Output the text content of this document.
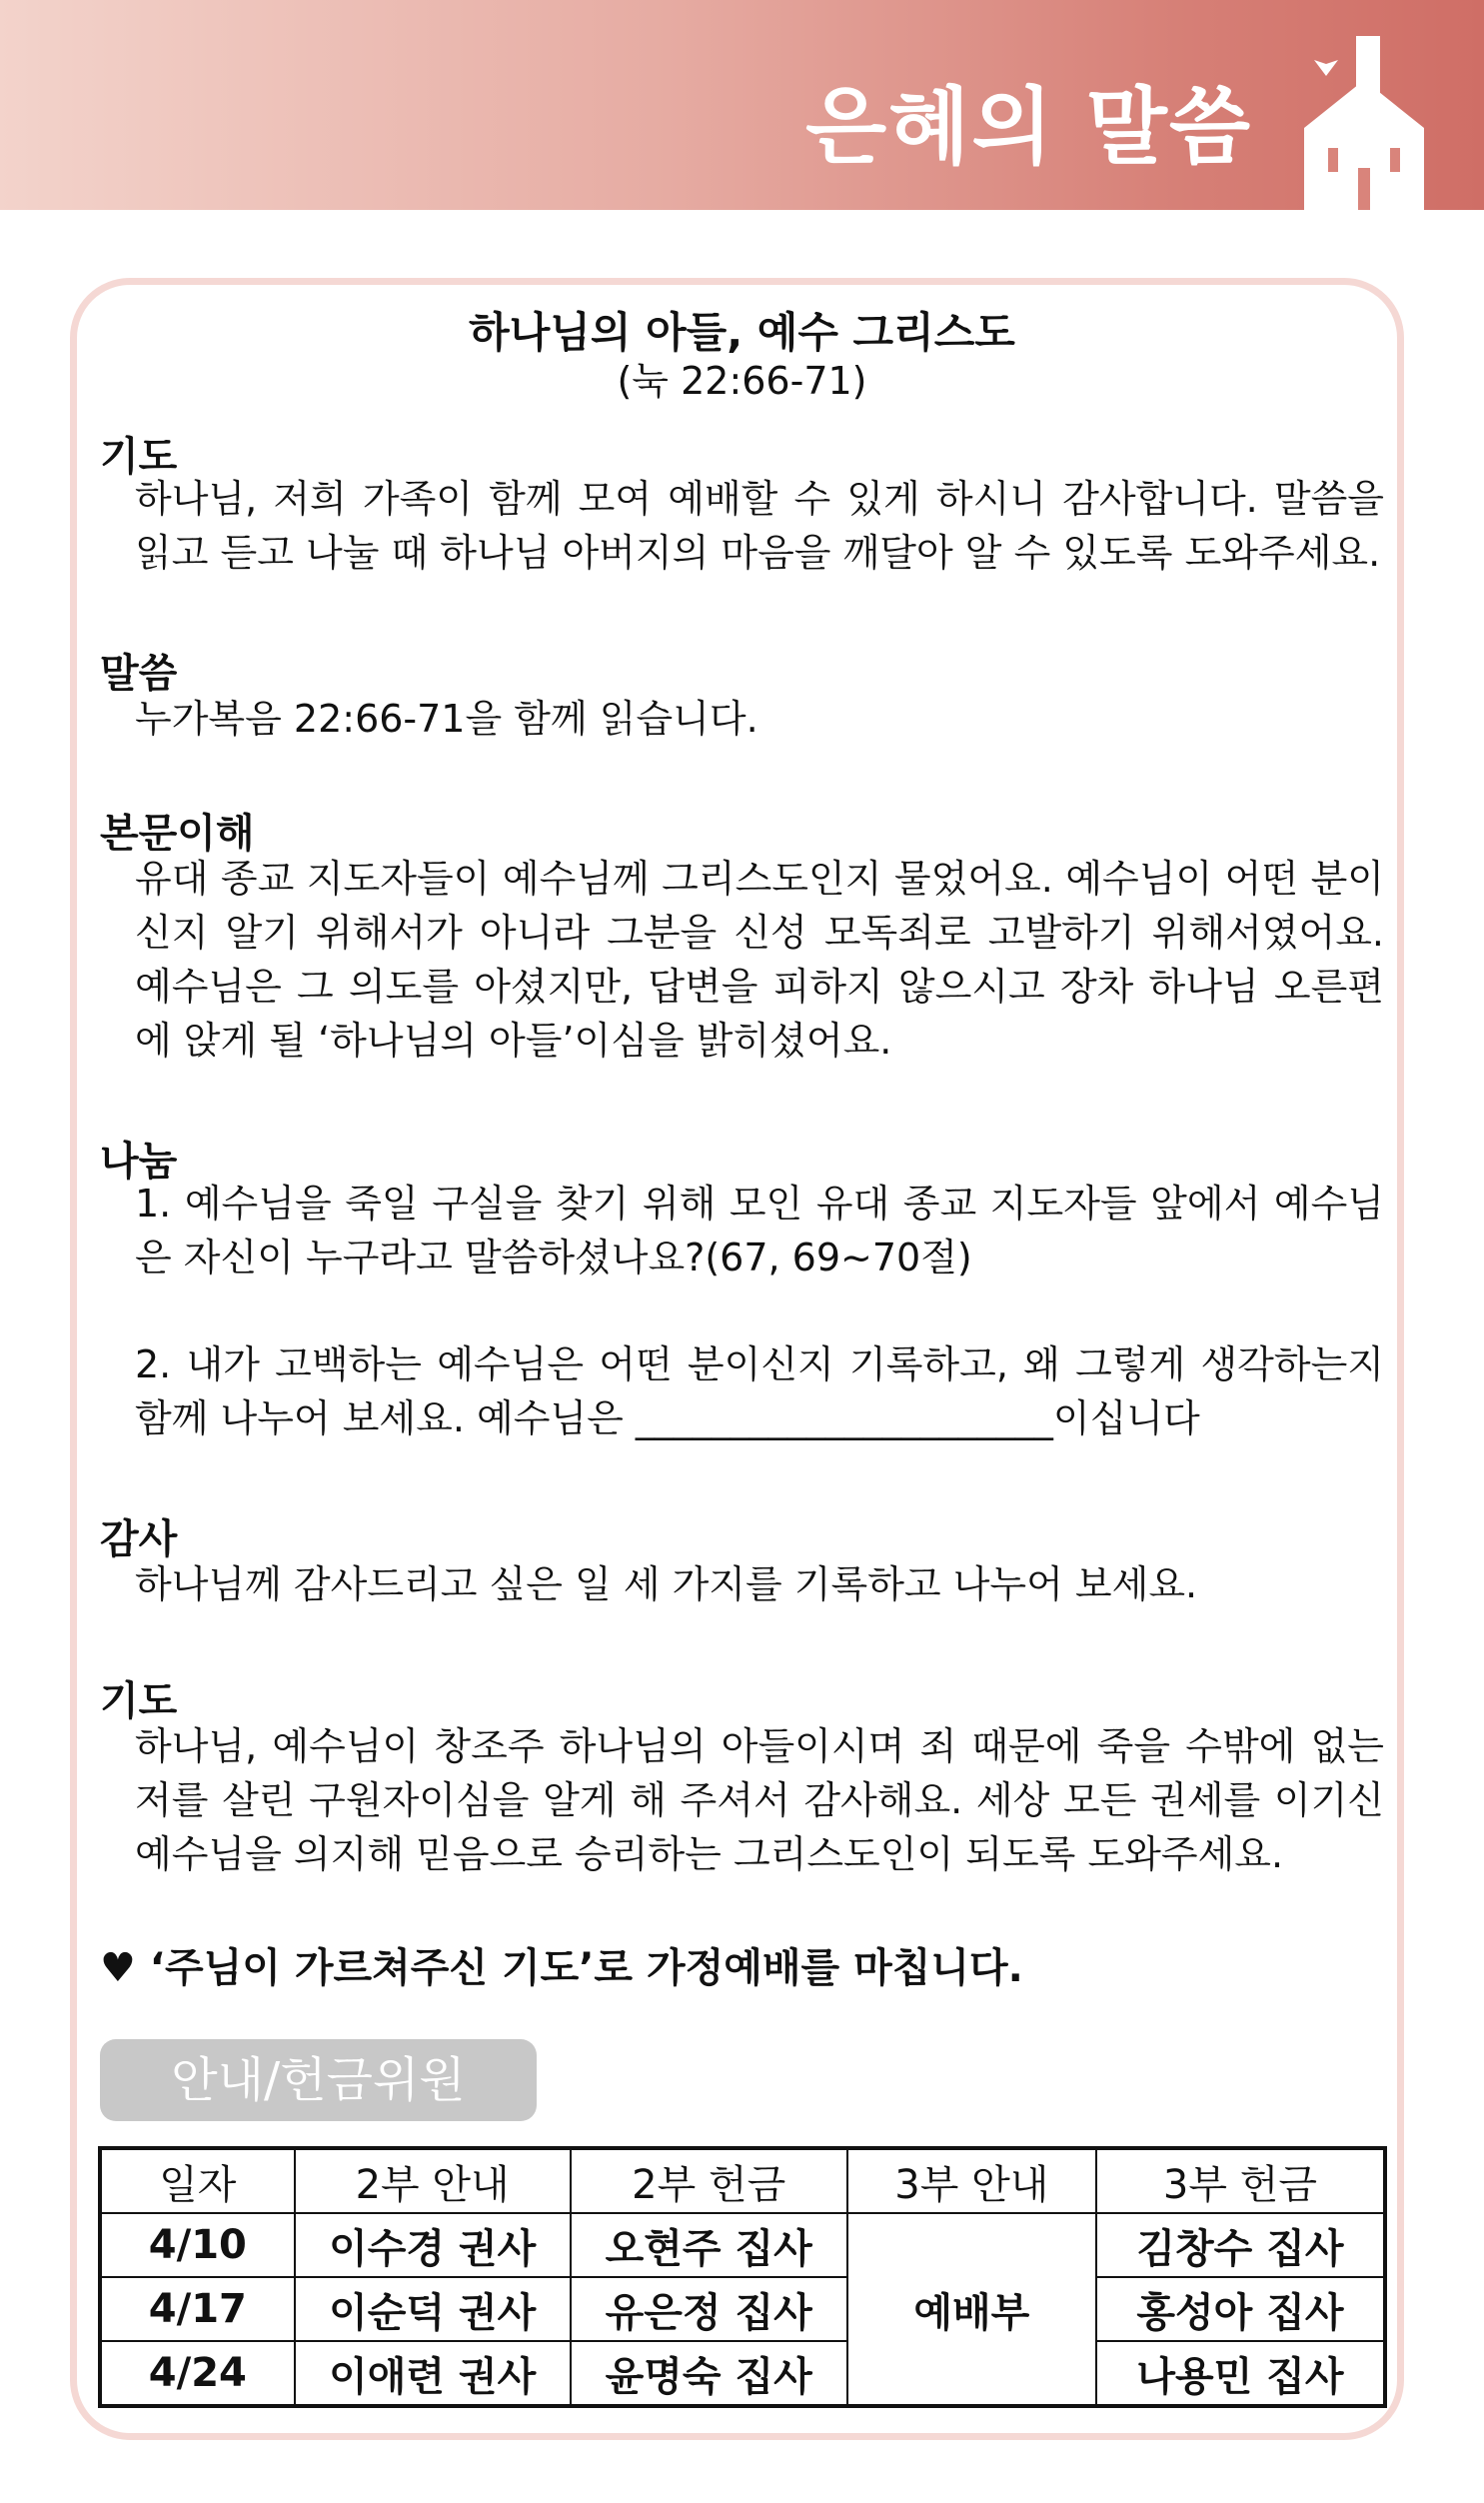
은혜의 말씀
하나님의 아들, 예수 그리스도
(눅 22:66-71)
기도
하나님, 저희 가족이 함께 모여 예배할 수 있게 하시니 감사합니다. 말씀을 읽고 듣고 나눌 때 하나님 아버지의 마음을 깨달아 알 수 있도록 도와주세요.
말씀
누가복음 22:66-71을 함께 읽습니다.
본문이해
유대 종교 지도자들이 예수님께 그리스도인지 물었어요. 예수님이 어떤 분이신지 알기 위해서가 아니라 그분을 신성 모독죄로 고발하기 위해서였어요. 예수님은 그 의도를 아셨지만, 답변을 피하지 않으시고 장차 하나님 오른편에 앉게 될 ‘하나님의 아들’이심을 밝히셨어요.
나눔
1. 예수님을 죽일 구실을 찾기 위해 모인 유대 종교 지도자들 앞에서 예수님은 자신이 누구라고 말씀하셨나요?(67, 69~70절)
2. 내가 고백하는 예수님은 어떤 분이신지 기록하고, 왜 그렇게 생각하는지 함께 나누어 보세요. 예수님은 ______________________이십니다
감사
하나님께 감사드리고 싶은 일 세 가지를 기록하고 나누어 보세요.
기도
하나님, 예수님이 창조주 하나님의 아들이시며 죄 때문에 죽을 수밖에 없는 저를 살린 구원자이심을 알게 해 주셔서 감사해요. 세상 모든 권세를 이기신 예수님을 의지해 믿음으로 승리하는 그리스도인이 되도록 도와주세요.
♥ ‘주님이 가르쳐주신 기도’로 가정예배를 마칩니다.
안내/헌금위원
일자	2부 안내	2부 헌금	3부 안내	3부 헌금
4/10	이수경 권사	오현주 집사	예배부	김창수 집사
4/17	이순덕 권사	유은정 집사		홍성아 집사
4/24	이애련 권사	윤명숙 집사		나용민 집사
